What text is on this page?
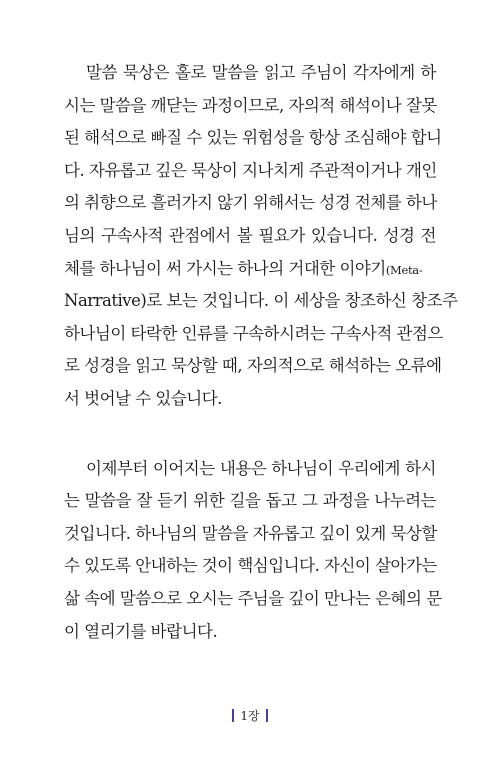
말씀 묵상은 홀로 말씀을 읽고 주님이 각자에게 하
시는 말씀을 깨닫는 과정이므로, 자의적 해석이나 잘못
된 해석으로 빠질 수 있는 위험성을 항상 조심해야 합니
다. 자유롭고 깊은 묵상이 지나치게 주관적이거나 개인
의 취향으로 흘러가지 않기 위해서는 성경 전체를 하나
님의 구속사적 관점에서 볼 필요가 있습니다. 성경 전
체를 하나님이 써 가시는 하나의 거대한 이야기(Meta-
Narrative)로 보는 것입니다. 이 세상을 창조하신 창조주
하나님이 타락한 인류를 구속하시려는 구속사적 관점으
로 성경을 읽고 묵상할 때, 자의적으로 해석하는 오류에
서 벗어날 수 있습니다.
이제부터 이어지는 내용은 하나님이 우리에게 하시
는 말씀을 잘 듣기 위한 길을 돕고 그 과정을 나누려는
것입니다. 하나님의 말씀을 자유롭고 깊이 있게 묵상할
수 있도록 안내하는 것이 핵심입니다. 자신이 살아가는
삶 속에 말씀으로 오시는 주님을 깊이 만나는 은혜의 문
이 열리기를 바랍니다.
1장
